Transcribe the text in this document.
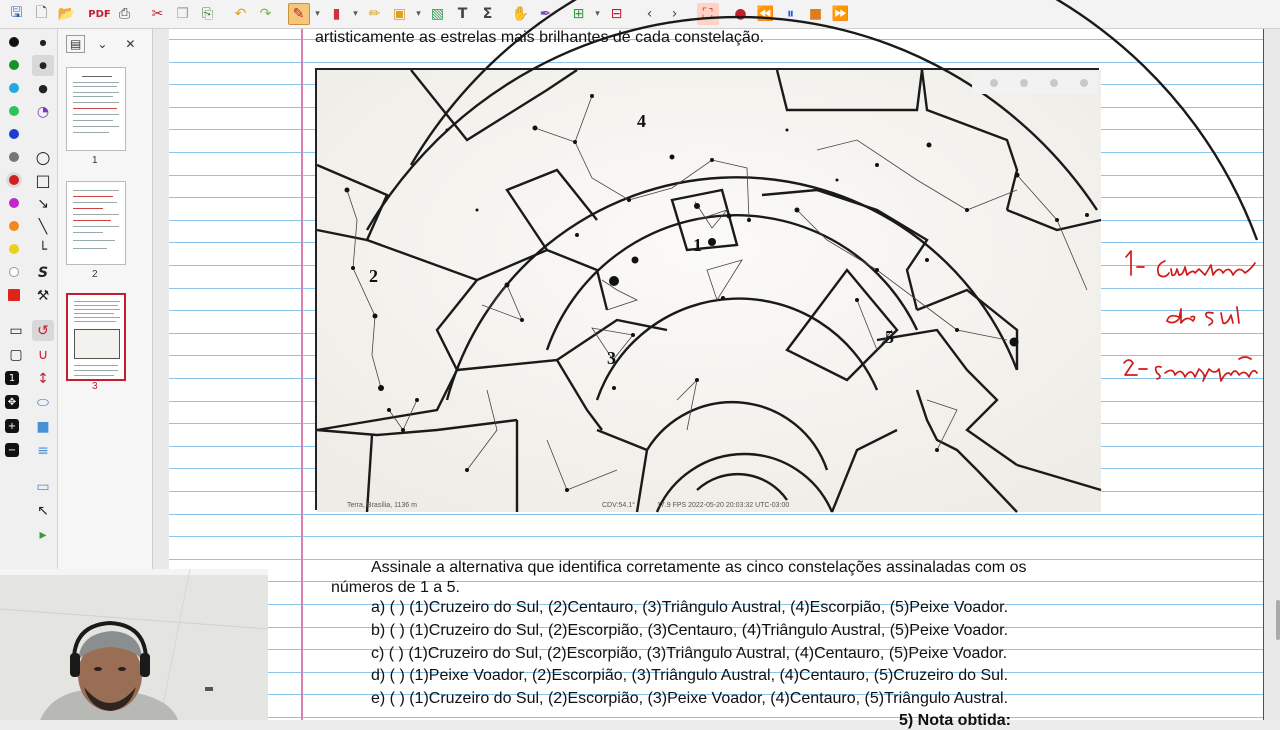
🖫 🗋 📂 PDF ⎙	✂ ❐ ⎘	↶ ↷	✎	▾ ▮	▾ ✏ ▣	▾ ▧ T	Σ	✋ ✒	⊞	▾ ⊟	‹	›	⛶	● ⏪ ⏸	■ ⏩
●
●
●
◔
○
□
↘
╲
└
S
⚒
▭	↺
▢	∪
1	↕
✥	⬭
+	■
−	≡
▭
↖
▸
▤	⌄ ✕
1
2
3
artisticamente as estrelas mais brilhantes de cada constelação.
1
2
3
4
5
Terra, Brasília, 1136 m	CDV:54.1°	17.9 FPS 2022-05-20 20:03:32 UTC-03:00
Assinale a alternativa que identifica corretamente as cinco constelações assinaladas com os
números de 1 a 5.
a) ( ) (1)Cruzeiro do Sul, (2)Centauro, (3)Triângulo Austral, (4)Escorpião, (5)Peixe Voador.
b) ( ) (1)Cruzeiro do Sul, (2)Escorpião, (3)Centauro, (4)Triângulo Austral, (5)Peixe Voador.
c) ( ) (1)Cruzeiro do Sul, (2)Escorpião, (3)Triângulo Austral, (4)Centauro, (5)Peixe Voador.
d) ( ) (1)Peixe Voador, (2)Escorpião, (3)Triângulo Austral, (4)Centauro, (5)Cruzeiro do Sul.
e) ( ) (1)Cruzeiro do Sul, (2)Escorpião, (3)Peixe Voador, (4)Centauro, (5)Triângulo Austral.
5) Nota obtida:
